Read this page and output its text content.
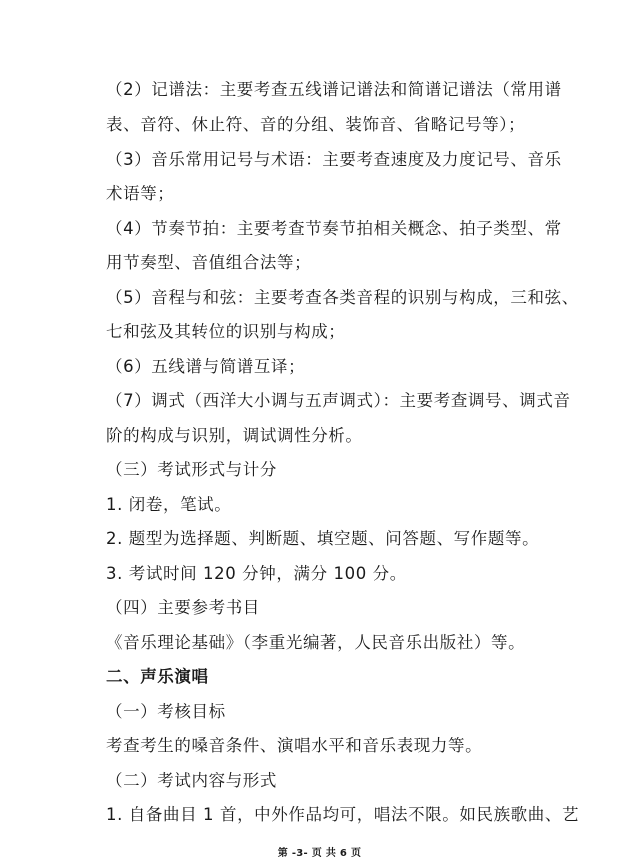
（2）记谱法：主要考查五线谱记谱法和简谱记谱法（常用谱
表、音符、休止符、音的分组、装饰音、省略记号等）；
（3）音乐常用记号与术语：主要考查速度及力度记号、音乐
术语等；
（4）节奏节拍：主要考查节奏节拍相关概念、拍子类型、常
用节奏型、音值组合法等；
（5）音程与和弦：主要考查各类音程的识别与构成，三和弦、
七和弦及其转位的识别与构成；
（6）五线谱与简谱互译；
（7）调式（西洋大小调与五声调式）：主要考查调号、调式音
阶的构成与识别，调试调性分析。
（三）考试形式与计分
1. 闭卷，笔试。
2. 题型为选择题、判断题、填空题、问答题、写作题等。
3. 考试时间 120 分钟，满分 100 分。
（四）主要参考书目
《音乐理论基础》（李重光编著，人民音乐出版社）等。
二、声乐演唱
（一）考核目标
考查考生的嗓音条件、演唱水平和音乐表现力等。
（二）考试内容与形式
1. 自备曲目 1 首，中外作品均可，唱法不限。如民族歌曲、艺
第 -3- 页 共 6 页
